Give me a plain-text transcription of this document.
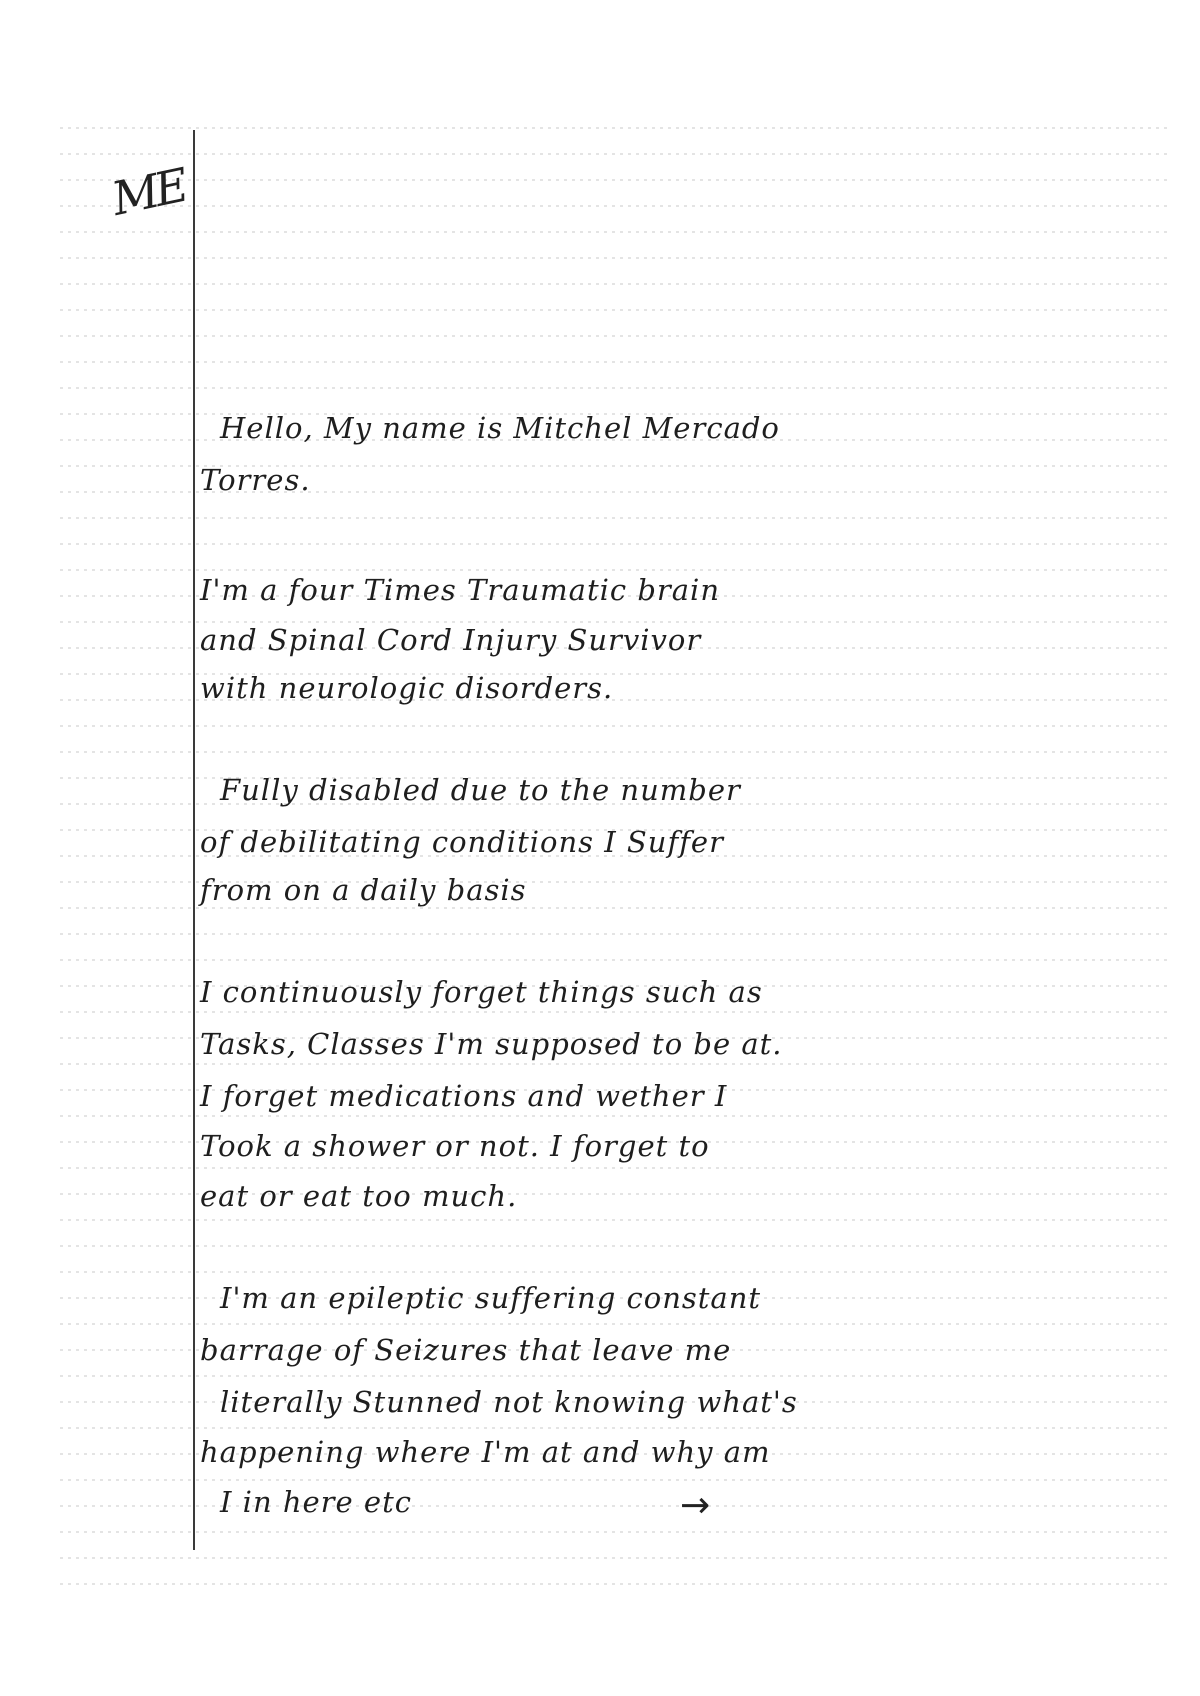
ME
Hello, My name is Mitchel Mercado
Torres.
I'm a four Times Traumatic brain
and Spinal Cord Injury Survivor
with neurologic disorders.
Fully disabled due to the number
of debilitating conditions I Suffer
from on a daily basis
I continuously forget things such as
Tasks, Classes I'm supposed to be at.
I forget medications and wether I
Took a shower or not. I forget to
eat or eat too much.
I'm an epileptic suffering constant
barrage of Seizures that leave me
literally Stunned not knowing what's
happening where I'm at and why am
I in here etc	→
